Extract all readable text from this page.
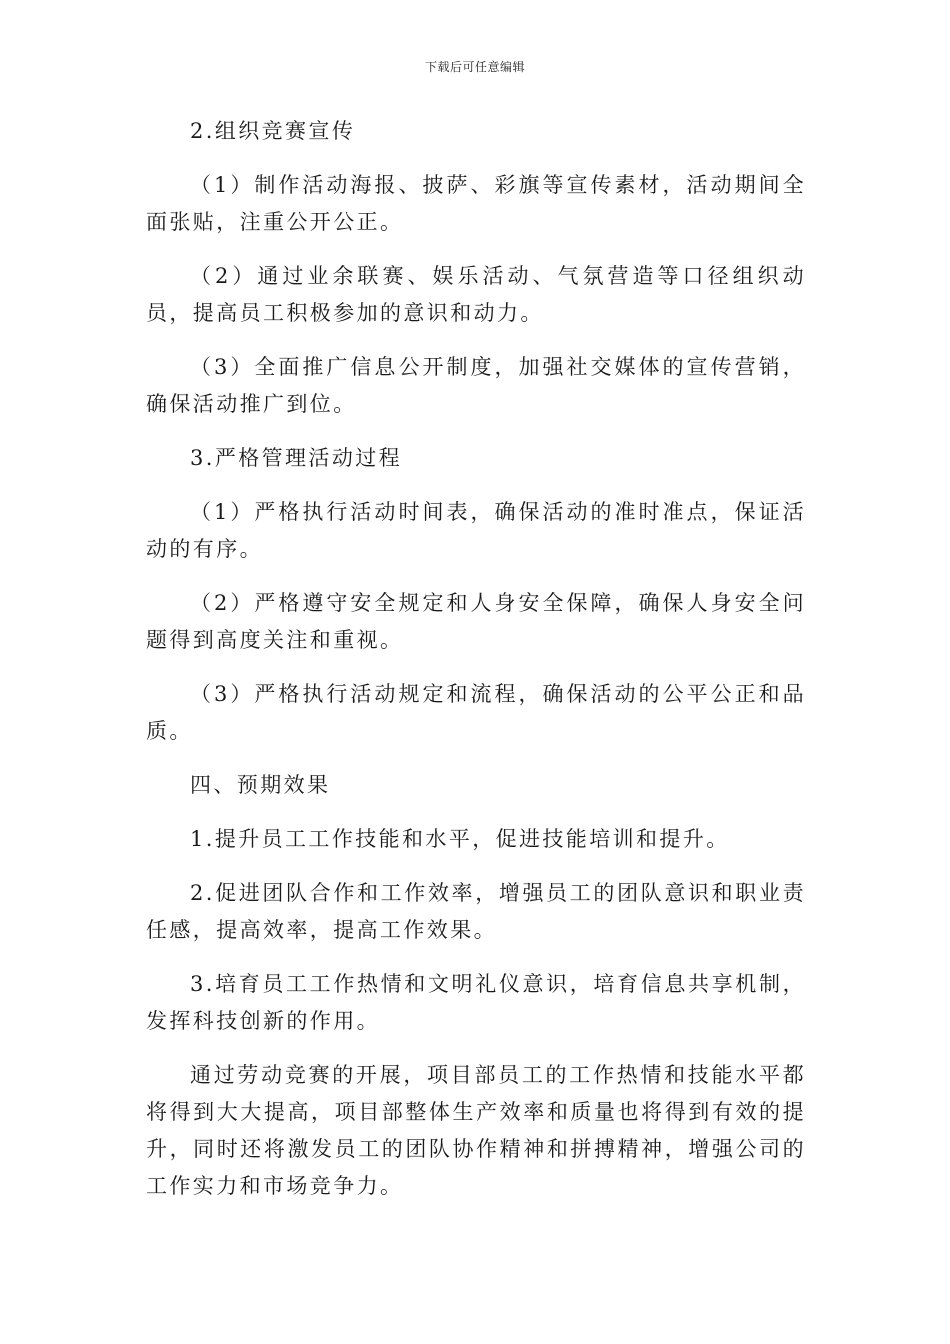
下载后可任意编辑

2.组织竞赛宣传

（1）制作活动海报、披萨、彩旗等宣传素材，活动期间全面张贴，注重公开公正。

（2）通过业余联赛、娱乐活动、气氛营造等口径组织动员，提高员工积极参加的意识和动力。

（3）全面推广信息公开制度，加强社交媒体的宣传营销，确保活动推广到位。

3.严格管理活动过程

（1）严格执行活动时间表，确保活动的准时准点，保证活动的有序。

（2）严格遵守安全规定和人身安全保障，确保人身安全问题得到高度关注和重视。

（3）严格执行活动规定和流程，确保活动的公平公正和品质。

四、预期效果

1.提升员工工作技能和水平，促进技能培训和提升。

2.促进团队合作和工作效率，增强员工的团队意识和职业责任感，提高效率，提高工作效果。

3.培育员工工作热情和文明礼仪意识，培育信息共享机制，发挥科技创新的作用。

通过劳动竞赛的开展，项目部员工的工作热情和技能水平都将得到大大提高，项目部整体生产效率和质量也将得到有效的提升，同时还将激发员工的团队协作精神和拼搏精神，增强公司的工作实力和市场竞争力。
